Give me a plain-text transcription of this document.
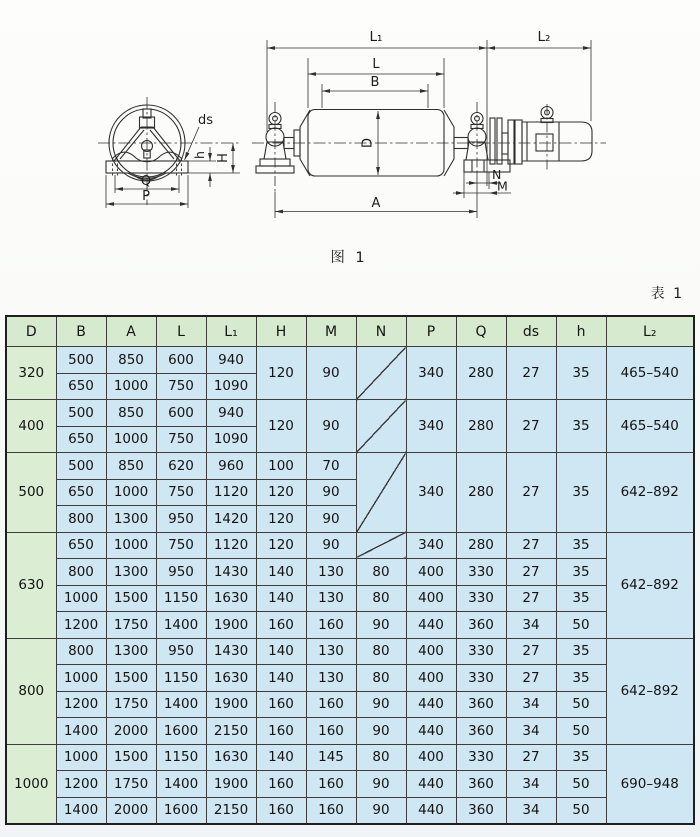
Q
P
ds
h H
L₁	L₂
L
B
D
A
N
M
图 1
表 1
D	B	A	L	L₁	H	M	N	P	Q	ds	h	L₂
320	500	850	600	940	120	90		340	280	27	35	465–540
	650	1000	750	1090								
400	500	850	600	940	120	90		340	280	27	35	465–540
	650	1000	750	1090								
500	500	850	620	960	100	70		340	280	27	35	642–892
	650	1000	750	1120	120	90						
	800	1300	950	1420	120	90						
630	650	1000	750	1120	120	90		340	280	27	35	642–892
	800	1300	950	1430	140	130	80	400	330	27	35	
	1000	1500	1150	1630	140	130	80	400	330	27	35	
	1200	1750	1400	1900	160	160	90	440	360	34	50	
800	800	1300	950	1430	140	130	80	400	330	27	35	642–892
	1000	1500	1150	1630	140	130	80	400	330	27	35	
	1200	1750	1400	1900	160	160	90	440	360	34	50	
	1400	2000	1600	2150	160	160	90	440	360	34	50	
1000	1000	1500	1150	1630	140	145	80	400	330	27	35	690–948
	1200	1750	1400	1900	160	160	90	440	360	34	50	
	1400	2000	1600	2150	160	160	90	440	360	34	50	
